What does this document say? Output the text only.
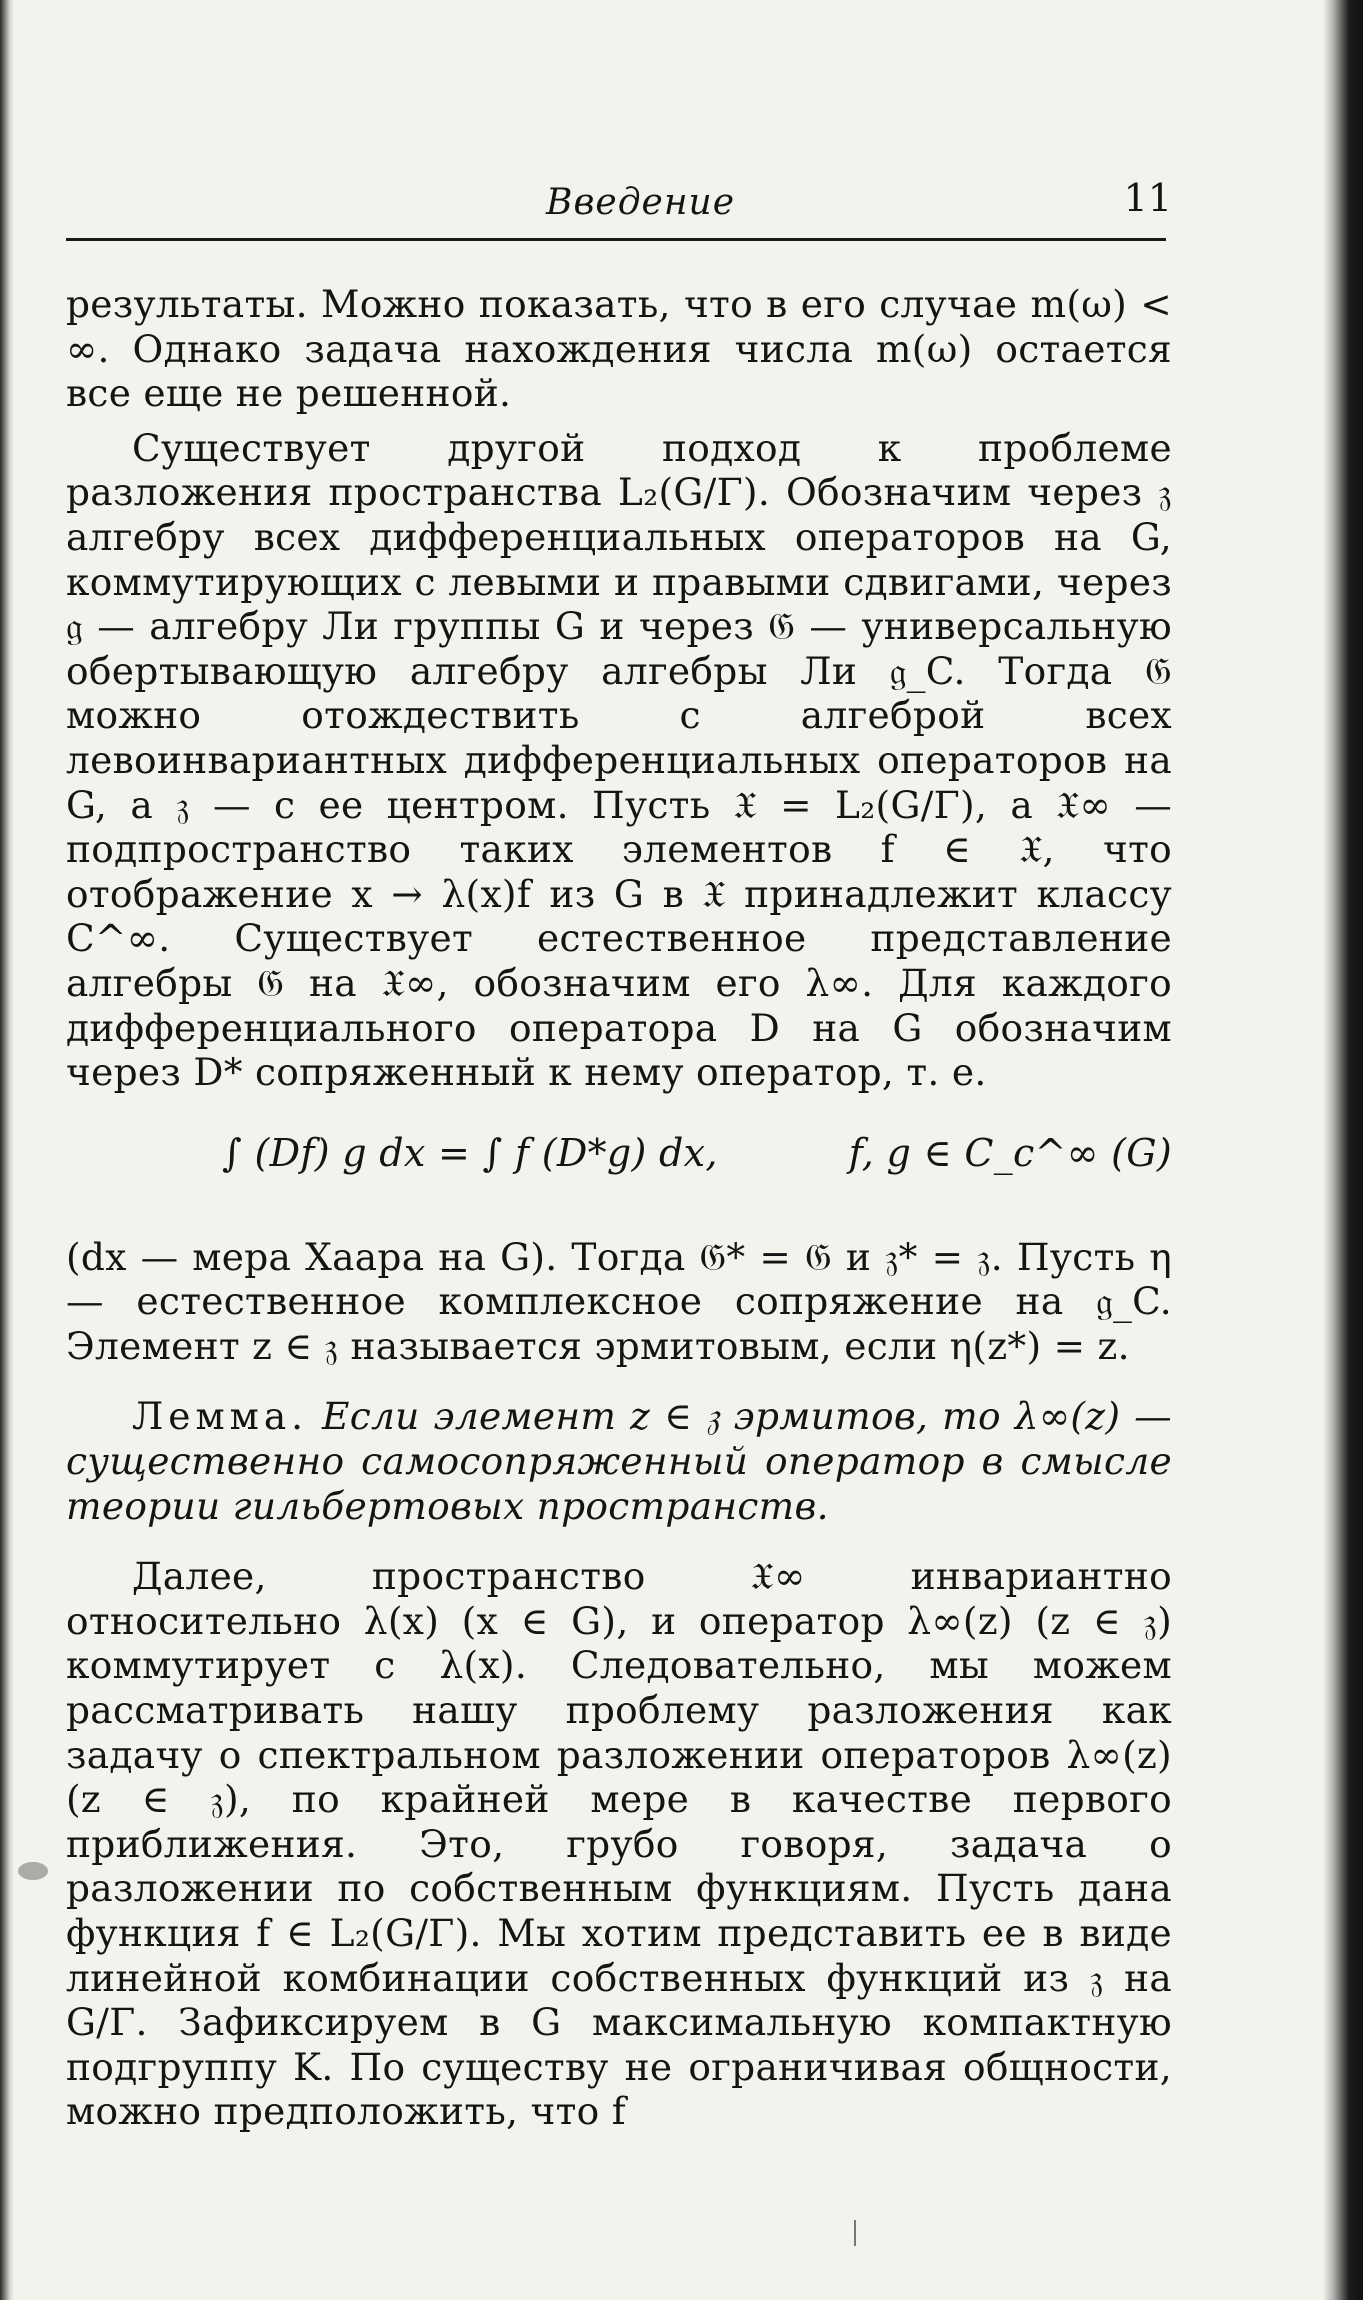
Введение	11

результаты. Можно показать, что в его случае m(ω) < ∞. Однако задача нахождения числа m(ω) остается все еще не решенной.

Существует другой подход к проблеме разложения пространства L₂(G/Γ). Обозначим через 𝔷 алгебру всех дифференциальных операторов на G, коммутирующих с левыми и правыми сдвигами, через 𝔤 — алгебру Ли группы G и через 𝔊 — универсальную обертывающую алгебру алгебры Ли 𝔤_C. Тогда 𝔊 можно отождествить с алгеброй всех левоинвариантных дифференциальных операторов на G, а 𝔷 — с ее центром. Пусть 𝔛 = L₂(G/Γ), а 𝔛∞ — подпространство таких элементов f ∈ 𝔛, что отображение x → λ(x)f из G в 𝔛 принадлежит классу C^∞. Существует естественное представление алгебры 𝔊 на 𝔛∞, обозначим его λ∞. Для каждого дифференциального оператора D на G обозначим через D* сопряженный к нему оператор, т. е.

∫ (Df) g dx = ∫ f (D*g) dx,	f, g ∈ C_c^∞ (G)

(dx — мера Хаара на G). Тогда 𝔊* = 𝔊 и 𝔷* = 𝔷. Пусть η — естественное комплексное сопряжение на 𝔤_C. Элемент z ∈ 𝔷 называется эрмитовым, если η(z*) = z.

Лемма. Если элемент z ∈ 𝔷 эрмитов, то λ∞(z) — существенно самосопряженный оператор в смысле теории гильбертовых пространств.

Далее, пространство 𝔛∞ инвариантно относительно λ(x) (x ∈ G), и оператор λ∞(z) (z ∈ 𝔷) коммутирует с λ(x). Следовательно, мы можем рассматривать нашу проблему разложения как задачу о спектральном разложении операторов λ∞(z) (z ∈ 𝔷), по крайней мере в качестве первого приближения. Это, грубо говоря, задача о разложении по собственным функциям. Пусть дана функция f ∈ L₂(G/Γ). Мы хотим представить ее в виде линейной комбинации собственных функций из 𝔷 на G/Γ. Зафиксируем в G максимальную компактную подгруппу K. По существу не ограничивая общности, можно предположить, что f
